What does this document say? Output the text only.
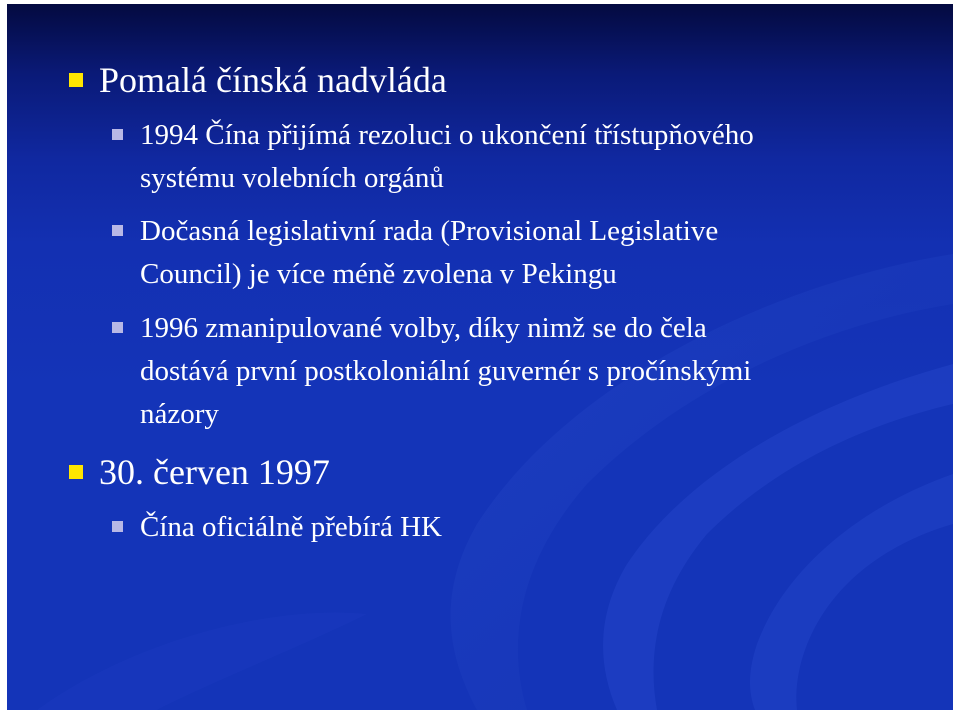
Pomalá čínská nadvláda
1994 Čína přijímá rezoluci o ukončení třístupňového
systému volebních orgánů
Dočasná legislativní rada (Provisional Legislative
Council) je více méně zvolena v Pekingu
1996 zmanipulované volby, díky nimž se do čela
dostává první postkoloniální guvernér s pročínskými
názory
30. červen 1997
Čína oficiálně přebírá HK
